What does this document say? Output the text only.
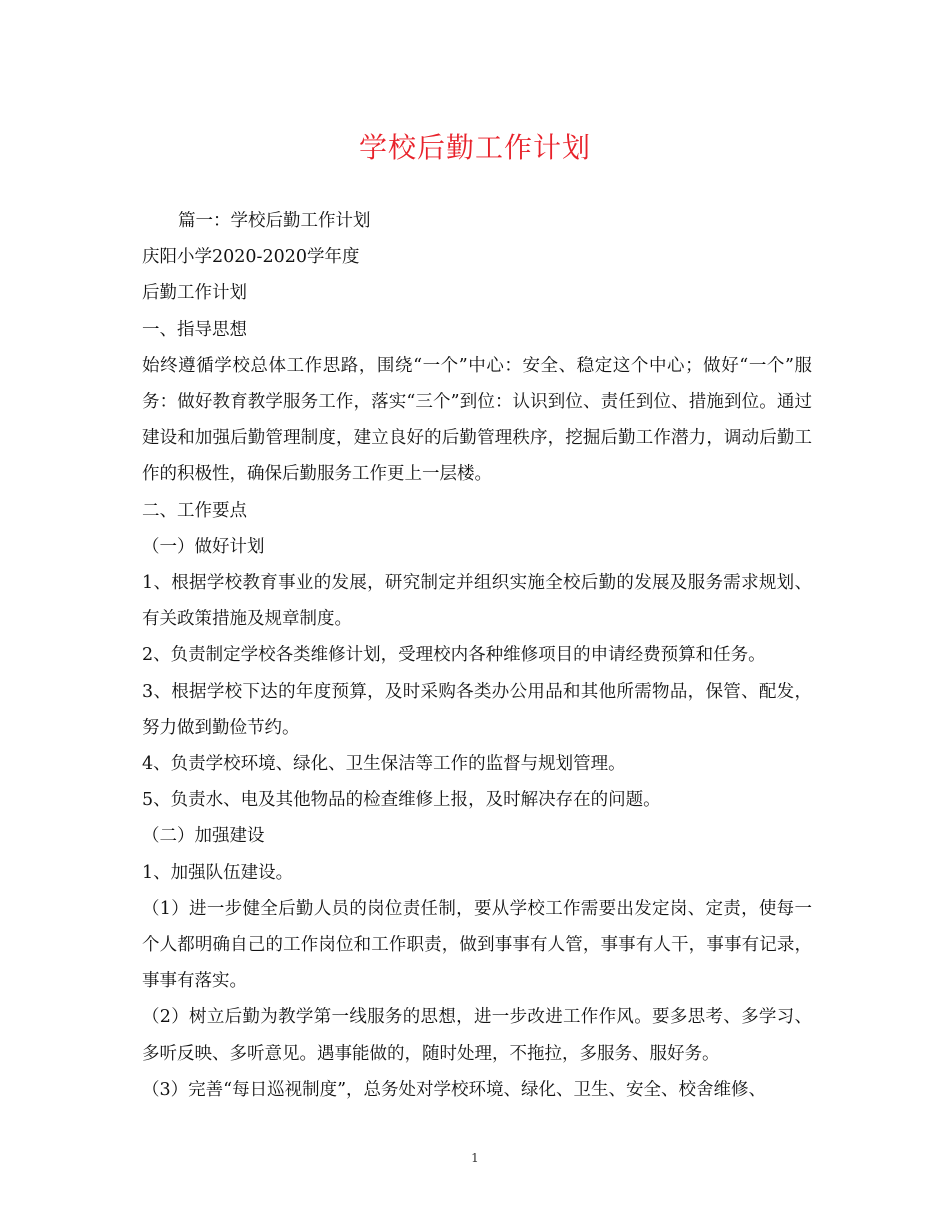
学校后勤工作计划

篇一：学校后勤工作计划

庆阳小学2020-2020学年度

后勤工作计划

一、指导思想

始终遵循学校总体工作思路，围绕“一个”中心：安全、稳定这个中心；做好“一个”服务：做好教育教学服务工作，落实“三个”到位：认识到位、责任到位、措施到位。通过建设和加强后勤管理制度，建立良好的后勤管理秩序，挖掘后勤工作潜力，调动后勤工作的积极性，确保后勤服务工作更上一层楼。

二、工作要点

（一）做好计划

1、根据学校教育事业的发展，研究制定并组织实施全校后勤的发展及服务需求规划、有关政策措施及规章制度。

2、负责制定学校各类维修计划，受理校内各种维修项目的申请经费预算和任务。

3、根据学校下达的年度预算，及时采购各类办公用品和其他所需物品，保管、配发，努力做到勤俭节约。

4、负责学校环境、绿化、卫生保洁等工作的监督与规划管理。

5、负责水、电及其他物品的检查维修上报，及时解决存在的问题。

（二）加强建设

1、加强队伍建设。

（1）进一步健全后勤人员的岗位责任制，要从学校工作需要出发定岗、定责，使每一个人都明确自己的工作岗位和工作职责，做到事事有人管，事事有人干，事事有记录，事事有落实。

（2）树立后勤为教学第一线服务的思想，进一步改进工作作风。要多思考、多学习、多听反映、多听意见。遇事能做的，随时处理，不拖拉，多服务、服好务。

（3）完善“每日巡视制度”，总务处对学校环境、绿化、卫生、安全、校舍维修、

1
